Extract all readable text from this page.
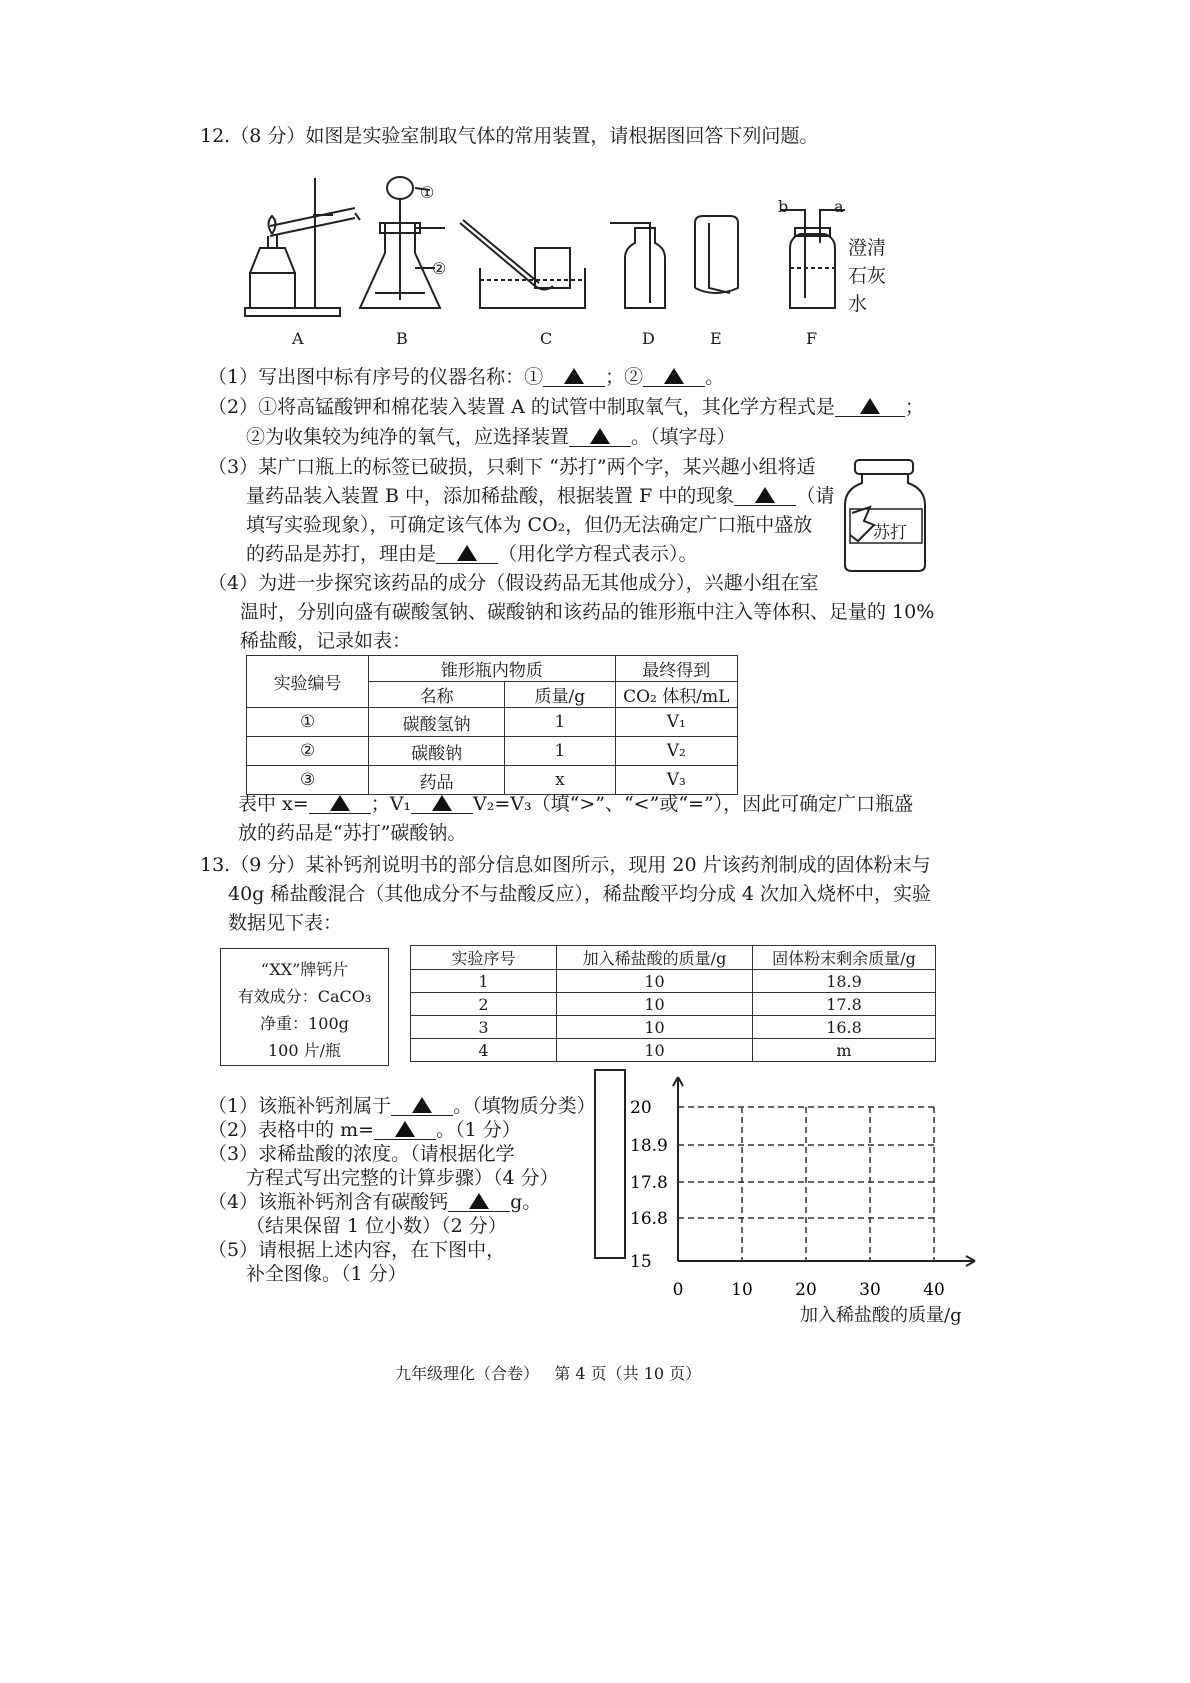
12.（8 分）如图是实验室制取气体的常用装置，请根据图回答下列问题。
①
②
b	a
澄清
石灰
水
A	B	C	D	E	F
（1）写出图中标有序号的仪器名称：①	；②	。
（2）①将高锰酸钾和棉花装入装置 A 的试管中制取氧气，其化学方程式是	；
②为收集较为纯净的氧气，应选择装置	。（填字母）
（3）某广口瓶上的标签已破损，只剩下 “苏打”两个字，某兴趣小组将适
量药品装入装置 B 中，添加稀盐酸，根据装置 F 中的现象	（请
填写实验现象），可确定该气体为 CO₂，但仍无法确定广口瓶中盛放
的药品是苏打，理由是	（用化学方程式表示）。
苏打
（4）为进一步探究该药品的成分（假设药品无其他成分），兴趣小组在室
温时，分别向盛有碳酸氢钠、碳酸钠和该药品的锥形瓶中注入等体积、足量的 10%
稀盐酸，记录如表：
实验编号	锥形瓶内物质		最终得到
	名称	质量/g	CO₂ 体积/mL
①	碳酸氢钠	1	V₁
②	碳酸钠	1	V₂
③	药品	x	V₃
表中 x=	；V₁	V₂=V₃（填“>”、“<”或“=”），因此可确定广口瓶盛
放的药品是“苏打”碳酸钠。
13.（9 分）某补钙剂说明书的部分信息如图所示，现用 20 片该药剂制成的固体粉末与
40g 稀盐酸混合（其他成分不与盐酸反应），稀盐酸平均分成 4 次加入烧杯中，实验
数据见下表：
“XX”牌钙片
有效成分：CaCO₃
净重：100g
100 片/瓶
实验序号	加入稀盐酸的质量/g	固体粉末剩余质量/g
1	10	18.9
2	10	17.8
3	10	16.8
4	10	m
（1）该瓶补钙剂属于	。（填物质分类）
（2）表格中的 m=	。（1 分）
（3）求稀盐酸的浓度。（请根据化学
方程式写出完整的计算步骤）（4 分）
（4）该瓶补钙剂含有碳酸钙	g。
（结果保留 1 位小数）（2 分）
（5）请根据上述内容，在下图中，
补全图像。（1 分）
0	10 20 30 40
20
18.9
17.8
16.8
15
加入稀盐酸的质量/g
九年级理化（合卷）   第 4 页（共 10 页）
